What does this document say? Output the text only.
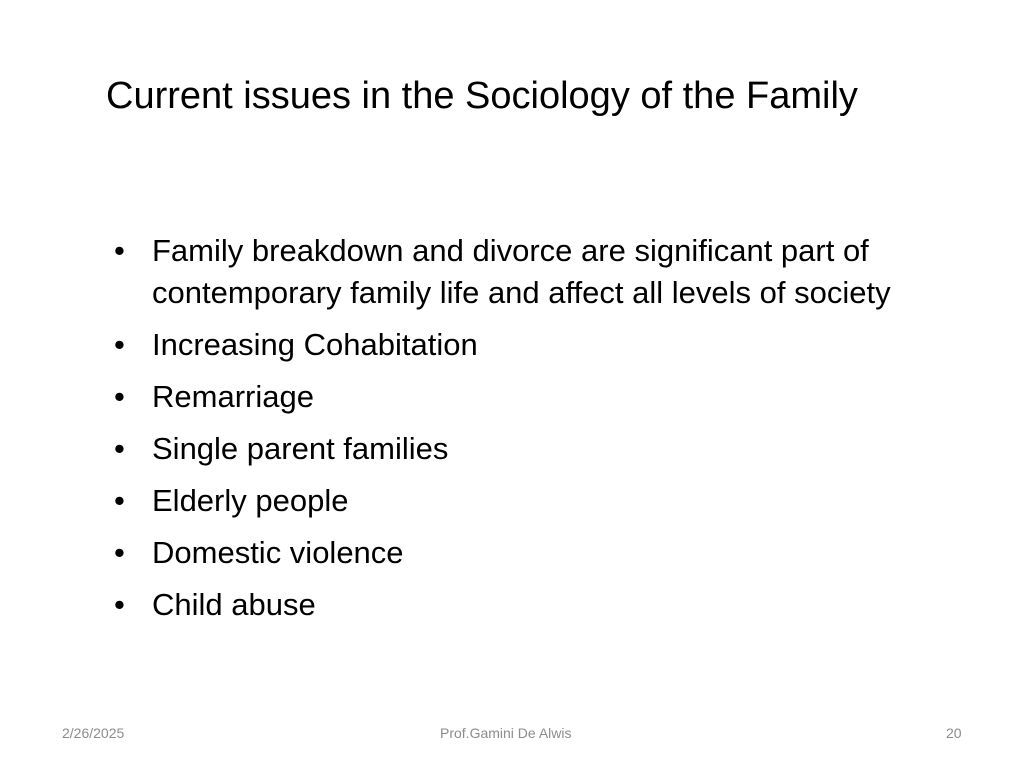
Current issues in the Sociology of the Family
• Family breakdown and divorce are significant part of contemporary family life and affect all levels of society
• Increasing Cohabitation
• Remarriage
• Single parent families
• Elderly people
• Domestic violence
• Child abuse
2/26/2025	Prof.Gamini De Alwis	20
